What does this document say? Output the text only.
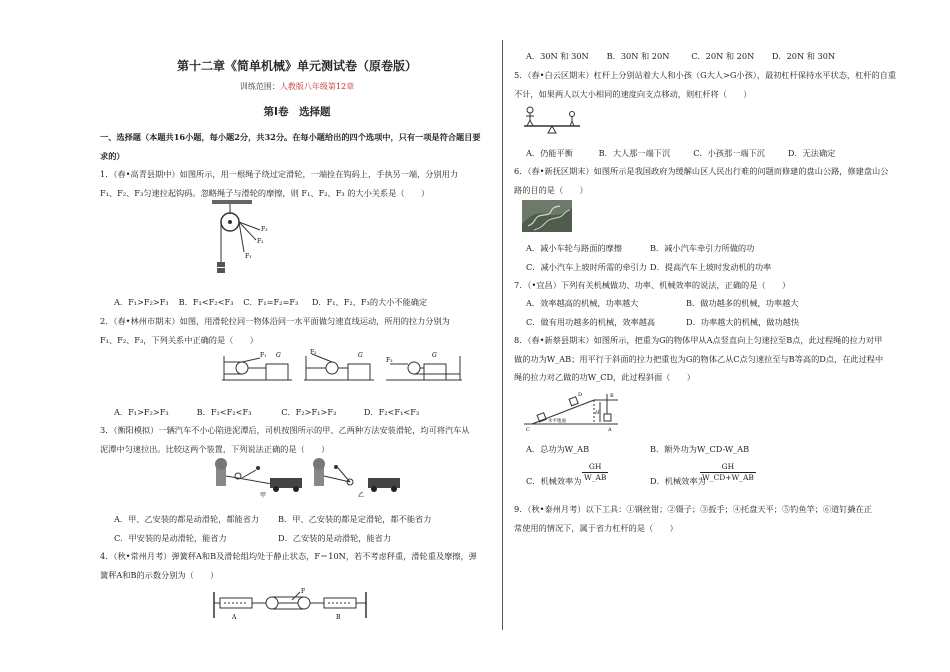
第十二章《简单机械》单元测试卷（原卷版）
训练范围：人教版八年级第12章
第Ⅰ卷　选择题
一、选择题（本题共16小题，每小题2分，共32分。在每小题给出的四个选项中，只有一项是符合题目要
求的）
1．（春•高青县期中）如图所示，用一根绳子绕过定滑轮，一端拴在钩码上，手执另一端，分别用力
F₁、F₂、F₃匀速拉起钩码。忽略绳子与滑轮的摩擦，则 F₁、F₂、F₃ 的大小关系是（　　）
F₃
F₂
F₁
A．F₁>F₂>F₃ B．F₁<F₂<F₃ C．F₁=F₂=F₃ D．F₁、F₂、F₃的大小不能确定
2．（春•林州市期末）如图，用滑轮拉同一物体沿同一水平面做匀速直线运动，所用的拉力分别为
F₁、F₂、F₃，下列关系中正确的是（　　）
F₁ G	F₂	G
F₃
G
A．F₁>F₂>F₃	B．F₁<F₂<F₃	C．F₂>F₁>F₃	D．F₂<F₁<F₃
3．（衡阳模拟）一辆汽车不小心陷进泥潭后，司机按图所示的甲、乙两种方法安装滑轮，均可将汽车从
泥潭中匀速拉出。比较这两个装置，下列说法正确的是（　　）
甲	乙
A．甲、乙安装的都是动滑轮，都能省力 B．甲、乙安装的都是定滑轮，都不能省力
C．甲安装的是动滑轮，能省力	D．乙安装的是动滑轮，能省力
4．（秋•常州月考）弹簧秤A和B及滑轮组均处于静止状态，F＝10N，若不考虑秤重，滑轮重及摩擦，弹
簧秤A和B的示数分别为（　　）
F
A	B
A．30N 和 30N B．30N 和 20N	C．20N 和 20N D．20N 和 30N
5．（春•白云区期末）杠杆上分别站着大人和小孩（G大人>G小孩），最初杠杆保持水平状态，杠杆的自重
不计，如果两人以大小相同的速度向支点移动，则杠杆将（　　）
A．仍能平衡	B．大人那一端下沉	C．小孩那一端下沉	D．无法确定
6．（春•新抚区期末）如图所示是我国政府为缓解山区人民出行难的问题而修建的盘山公路，修建盘山公
路的目的是（　　）
A．减小车轮与路面的摩擦	B．减小汽车牵引力所做的功
C．减小汽车上坡时所需的牵引力 D．提高汽车上坡时发动机的功率
7．（•宜昌）下列有关机械做功、功率、机械效率的说法，正确的是（　　）
A．效率越高的机械，功率越大	B．做功越多的机械，功率越大
C．做有用功越多的机械，效率越高	D．功率越大的机械，做功越快
8．（春•新蔡县期末）如图所示，把重为G的物体甲从A点竖直向上匀速拉至B点，此过程绳的拉力对甲
做的功为W_AB；用平行于斜面的拉力把重也为G的物体乙从C点匀速拉至与B等高的D点，在此过程中
绳的拉力对乙做的功W_CD，此过程斜面（　　）
水平地面
C	A
D	B
H
A．总功为W_AB	B．额外功为W_CD-W_AB
C．机械效率为
GH
W_AB	D．机械效率为
GH
W_CD+W_AB
9．（秋•泰州月考）以下工具：①钢丝钳；②镊子；③扳手；④托盘天平；⑤钓鱼竿；⑥道钉撬在正
常使用的情况下，属于省力杠杆的是（　　）
